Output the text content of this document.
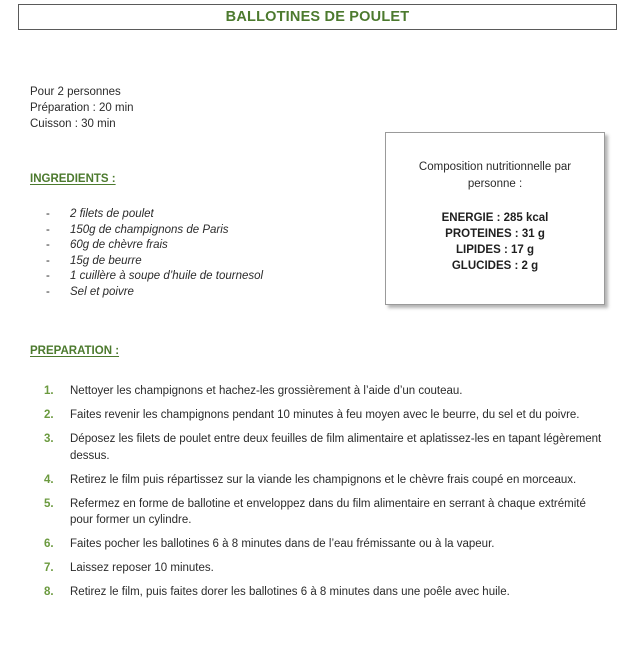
BALLOTINES DE POULET
Pour 2 personnes
Préparation : 20 min
Cuisson : 30 min
INGREDIENTS :
-	2 filets de poulet
-	150g de champignons de Paris
-	60g de chèvre frais
-	15g de beurre
-	1 cuillère à soupe d’huile de tournesol
-	Sel et poivre
Composition nutritionnelle par personne :
ENERGIE : 285 kcal
PROTEINES : 31 g
LIPIDES : 17 g
GLUCIDES : 2 g
PREPARATION :
1.	Nettoyer les champignons et hachez-les grossièrement à l’aide d’un couteau.
2.	Faites revenir les champignons pendant 10 minutes à feu moyen avec le beurre, du sel et du poivre.
3.	Déposez les filets de poulet entre deux feuilles de film alimentaire et aplatissez-les en tapant légèrement dessus.
4.	Retirez le film puis répartissez sur la viande les champignons et le chèvre frais coupé en morceaux.
5.	Refermez en forme de ballotine et enveloppez dans du film alimentaire en serrant à chaque extrémité pour former un cylindre.
6.	Faites pocher les ballotines 6 à 8 minutes dans de l’eau frémissante ou à la vapeur.
7.	Laissez reposer 10 minutes.
8.	Retirez le film, puis faites dorer les ballotines 6 à 8 minutes dans une poêle avec huile.
